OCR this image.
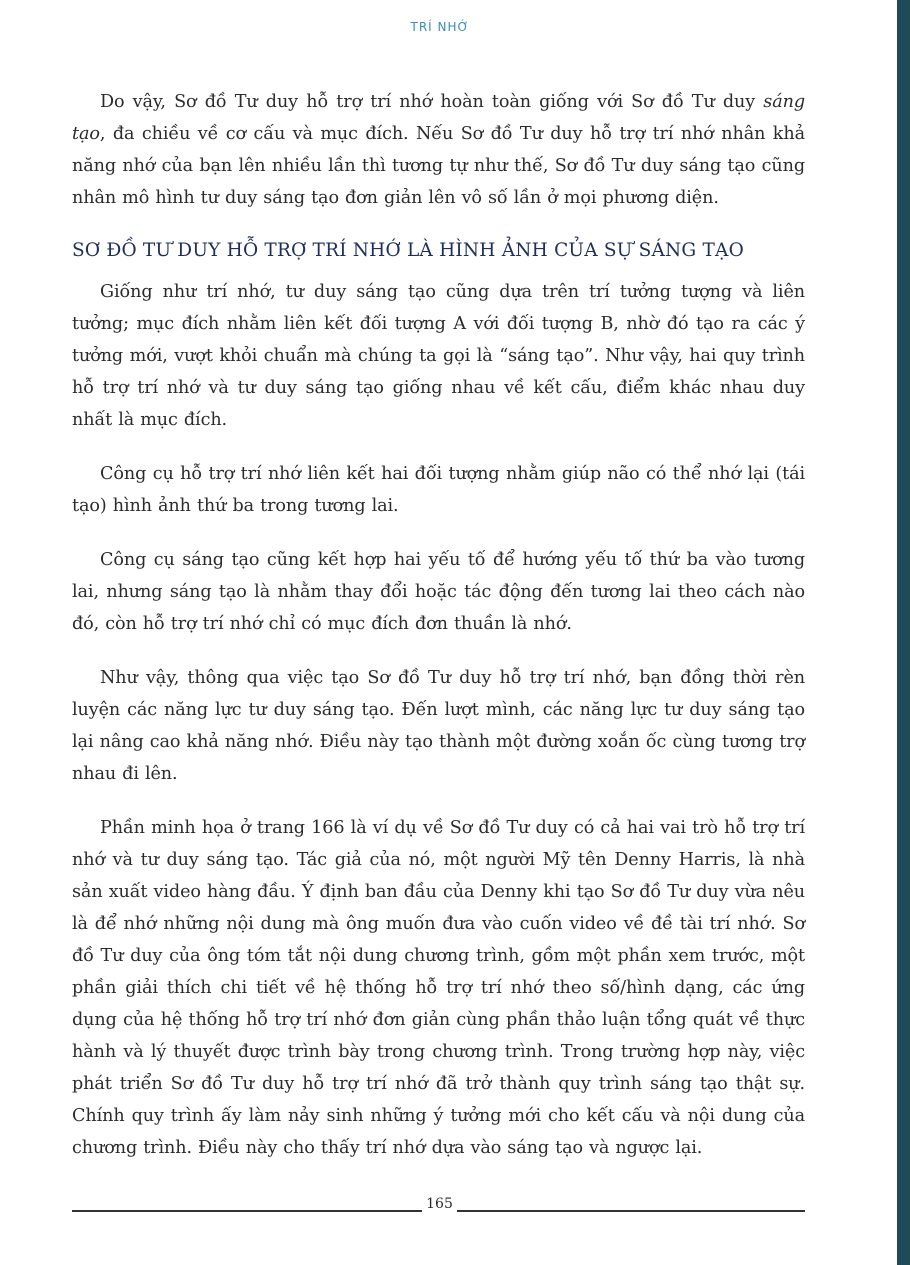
TRÍ NHỚ

Do vậy, Sơ đồ Tư duy hỗ trợ trí nhớ hoàn toàn giống với Sơ đồ Tư duy sáng tạo, đa chiều về cơ cấu và mục đích. Nếu Sơ đồ Tư duy hỗ trợ trí nhớ nhân khả năng nhớ của bạn lên nhiều lần thì tương tự như thế, Sơ đồ Tư duy sáng tạo cũng nhân mô hình tư duy sáng tạo đơn giản lên vô số lần ở mọi phương diện.

SƠ ĐỒ TƯ DUY HỖ TRỢ TRÍ NHỚ LÀ HÌNH ẢNH CỦA SỰ SÁNG TẠO

Giống như trí nhớ, tư duy sáng tạo cũng dựa trên trí tưởng tượng và liên tưởng; mục đích nhằm liên kết đối tượng A với đối tượng B, nhờ đó tạo ra các ý tưởng mới, vượt khỏi chuẩn mà chúng ta gọi là “sáng tạo”. Như vậy, hai quy trình hỗ trợ trí nhớ và tư duy sáng tạo giống nhau về kết cấu, điểm khác nhau duy nhất là mục đích.

Công cụ hỗ trợ trí nhớ liên kết hai đối tượng nhằm giúp não có thể nhớ lại (tái tạo) hình ảnh thứ ba trong tương lai.

Công cụ sáng tạo cũng kết hợp hai yếu tố để hướng yếu tố thứ ba vào tương lai, nhưng sáng tạo là nhằm thay đổi hoặc tác động đến tương lai theo cách nào đó, còn hỗ trợ trí nhớ chỉ có mục đích đơn thuần là nhớ.

Như vậy, thông qua việc tạo Sơ đồ Tư duy hỗ trợ trí nhớ, bạn đồng thời rèn luyện các năng lực tư duy sáng tạo. Đến lượt mình, các năng lực tư duy sáng tạo lại nâng cao khả năng nhớ. Điều này tạo thành một đường xoắn ốc cùng tương trợ nhau đi lên.

Phần minh họa ở trang 166 là ví dụ về Sơ đồ Tư duy có cả hai vai trò hỗ trợ trí nhớ và tư duy sáng tạo. Tác giả của nó, một người Mỹ tên Denny Harris, là nhà sản xuất video hàng đầu. Ý định ban đầu của Denny khi tạo Sơ đồ Tư duy vừa nêu là để nhớ những nội dung mà ông muốn đưa vào cuốn video về đề tài trí nhớ. Sơ đồ Tư duy của ông tóm tắt nội dung chương trình, gồm một phần xem trước, một phần giải thích chi tiết về hệ thống hỗ trợ trí nhớ theo số/hình dạng, các ứng dụng của hệ thống hỗ trợ trí nhớ đơn giản cùng phần thảo luận tổng quát về thực hành và lý thuyết được trình bày trong chương trình. Trong trường hợp này, việc phát triển Sơ đồ Tư duy hỗ trợ trí nhớ đã trở thành quy trình sáng tạo thật sự. Chính quy trình ấy làm nảy sinh những ý tưởng mới cho kết cấu và nội dung của chương trình. Điều này cho thấy trí nhớ dựa vào sáng tạo và ngược lại.

165
